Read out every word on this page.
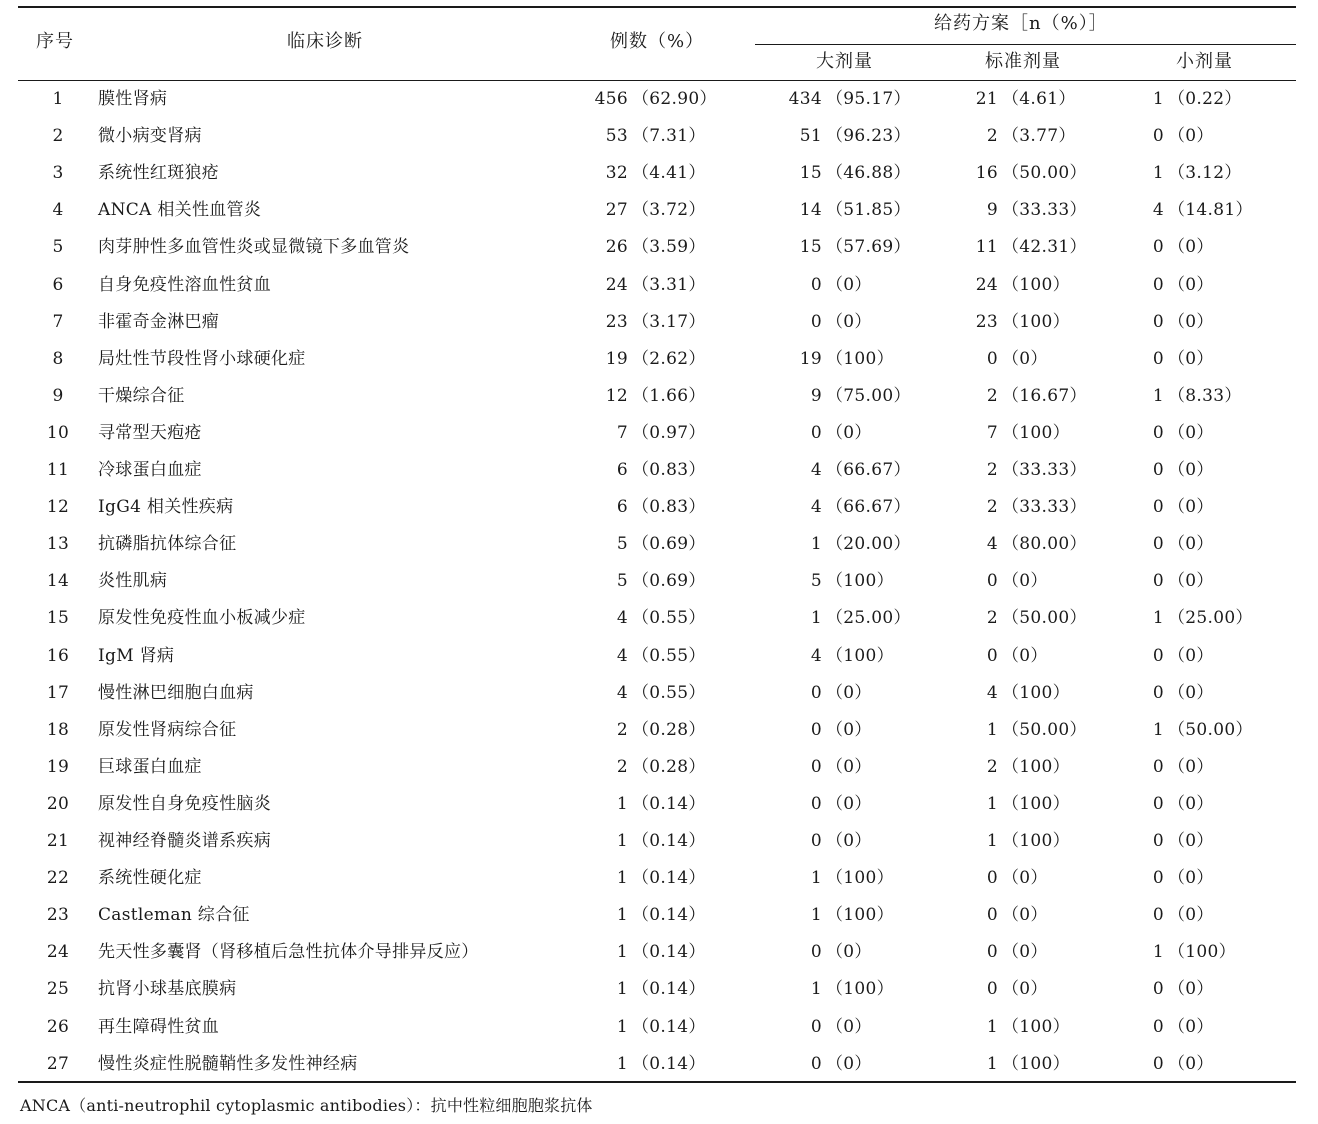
序号	临床诊断	例数（%）
给药方案［n（%）］
大剂量	标准剂量	小剂量
1	膜性肾病	456 （62.90）	434 （95.17）	21 （4.61）	1 （0.22）
2	微小病变肾病	53 （7.31）	51 （96.23）	2 （3.77）	0 （0）
3	系统性红斑狼疮	32 （4.41）	15 （46.88）	16 （50.00）	1 （3.12）
4	ANCA 相关性血管炎	27 （3.72）	14 （51.85）	9 （33.33）	4 （14.81）
5	肉芽肿性多血管性炎或显微镜下多血管炎	26 （3.59）	15 （57.69）	11 （42.31）	0 （0）
6	自身免疫性溶血性贫血	24 （3.31）	0 （0）	24 （100）	0 （0）
7	非霍奇金淋巴瘤	23 （3.17）	0 （0）	23 （100）	0 （0）
8	局灶性节段性肾小球硬化症	19 （2.62）	19 （100）	0 （0）	0 （0）
9	干燥综合征	12 （1.66）	9 （75.00）	2 （16.67）	1 （8.33）
10	寻常型天疱疮	7 （0.97）	0 （0）	7 （100）	0 （0）
11	冷球蛋白血症	6 （0.83）	4 （66.67）	2 （33.33）	0 （0）
12	IgG4 相关性疾病	6 （0.83）	4 （66.67）	2 （33.33）	0 （0）
13	抗磷脂抗体综合征	5 （0.69）	1 （20.00）	4 （80.00）	0 （0）
14	炎性肌病	5 （0.69）	5 （100）	0 （0）	0 （0）
15	原发性免疫性血小板减少症	4 （0.55）	1 （25.00）	2 （50.00）	1 （25.00）
16	IgM 肾病	4 （0.55）	4 （100）	0 （0）	0 （0）
17	慢性淋巴细胞白血病	4 （0.55）	0 （0）	4 （100）	0 （0）
18	原发性肾病综合征	2 （0.28）	0 （0）	1 （50.00）	1 （50.00）
19	巨球蛋白血症	2 （0.28）	0 （0）	2 （100）	0 （0）
20	原发性自身免疫性脑炎	1 （0.14）	0 （0）	1 （100）	0 （0）
21	视神经脊髓炎谱系疾病	1 （0.14）	0 （0）	1 （100）	0 （0）
22	系统性硬化症	1 （0.14）	1 （100）	0 （0）	0 （0）
23	Castleman 综合征	1 （0.14）	1 （100）	0 （0）	0 （0）
24	先天性多囊肾（肾移植后急性抗体介导排异反应）	1 （0.14）	0 （0）	0 （0）	1 （100）
25	抗肾小球基底膜病	1 （0.14）	1 （100）	0 （0）	0 （0）
26	再生障碍性贫血	1 （0.14）	0 （0）	1 （100）	0 （0）
27	慢性炎症性脱髓鞘性多发性神经病	1 （0.14）	0 （0）	1 （100）	0 （0）
ANCA（anti-neutrophil cytoplasmic antibodies）：抗中性粒细胞胞浆抗体
